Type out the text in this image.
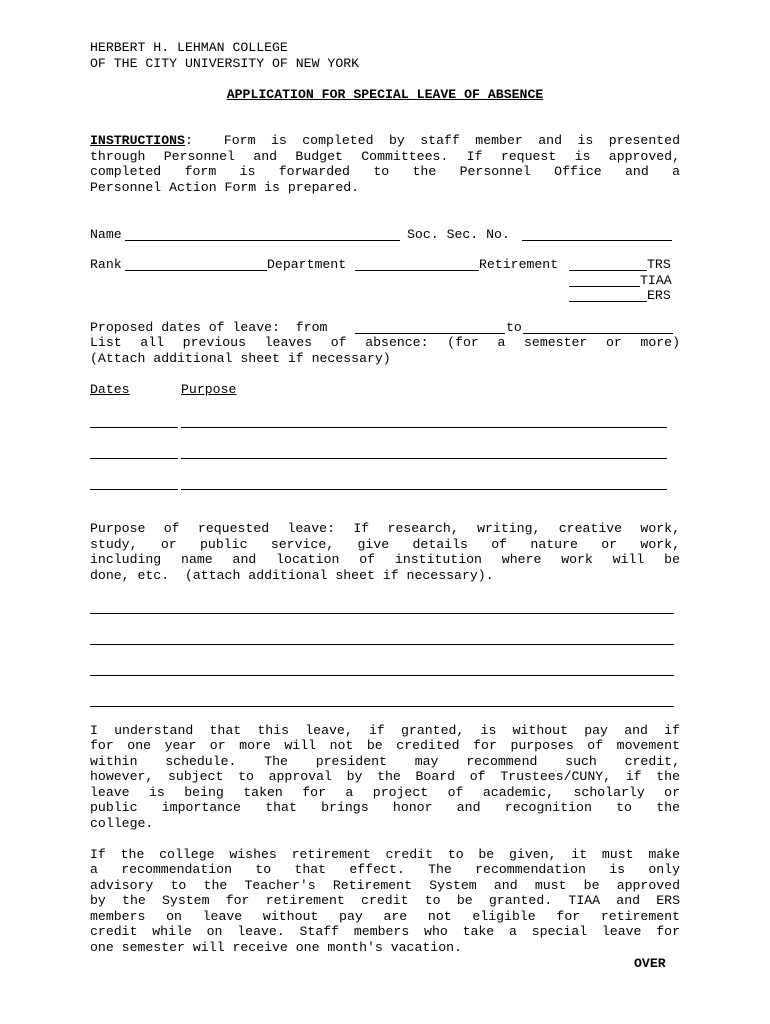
HERBERT H. LEHMAN COLLEGE
OF THE CITY UNIVERSITY OF NEW YORK
APPLICATION FOR SPECIAL LEAVE OF ABSENCE
INSTRUCTIONS: Form is completed by staff member and is presented
through Personnel and Budget Committees. If request is approved,
completed form is forwarded to the Personnel Office and a
Personnel Action Form is prepared.
Name	Soc. Sec. No.
Rank	Department	Retirement	TRS
TIAA
ERS
Proposed dates of leave:  from	to
List all previous leaves of absence: (for a semester or more)
(Attach additional sheet if necessary)
Dates	Purpose
Purpose of requested leave: If research, writing, creative work,
study, or public service, give details of nature or work,
including name and location of institution where work will be
done, etc.  (attach additional sheet if necessary).
I understand that this leave, if granted, is without pay and if
for one year or more will not be credited for purposes of movement
within schedule. The president may recommend such credit,
however, subject to approval by the Board of Trustees/CUNY, if the
leave is being taken for a project of academic, scholarly or
public importance that brings honor and recognition to the
college.
If the college wishes retirement credit to be given, it must make
a recommendation to that effect. The recommendation is only
advisory to the Teacher's Retirement System and must be approved
by the System for retirement credit to be granted. TIAA and ERS
members on leave without pay are not eligible for retirement
credit while on leave. Staff members who take a special leave for
one semester will receive one month's vacation.
OVER
